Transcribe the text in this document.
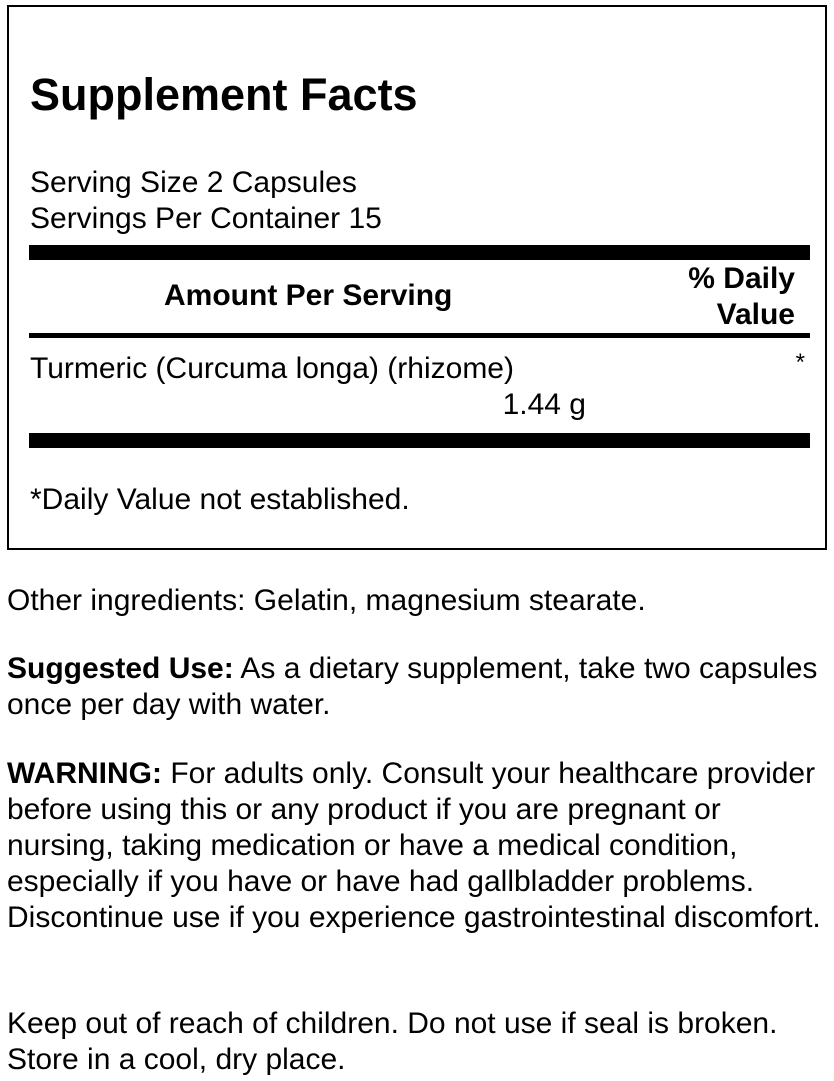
Supplement Facts
Serving Size 2 Capsules
Servings Per Container 15
Amount Per Serving
% Daily
Value
Turmeric (Curcuma longa) (rhizome)	*
1.44 g
*Daily Value not established.

Other ingredients: Gelatin, magnesium stearate.

Suggested Use: As a dietary supplement, take two capsules once per day with water.

WARNING: For adults only. Consult your healthcare provider before using this or any product if you are pregnant or nursing, taking medication or have a medical condition, especially if you have or have had gallbladder problems. Discontinue use if you experience gastrointestinal discomfort.

Keep out of reach of children. Do not use if seal is broken. Store in a cool, dry place.
